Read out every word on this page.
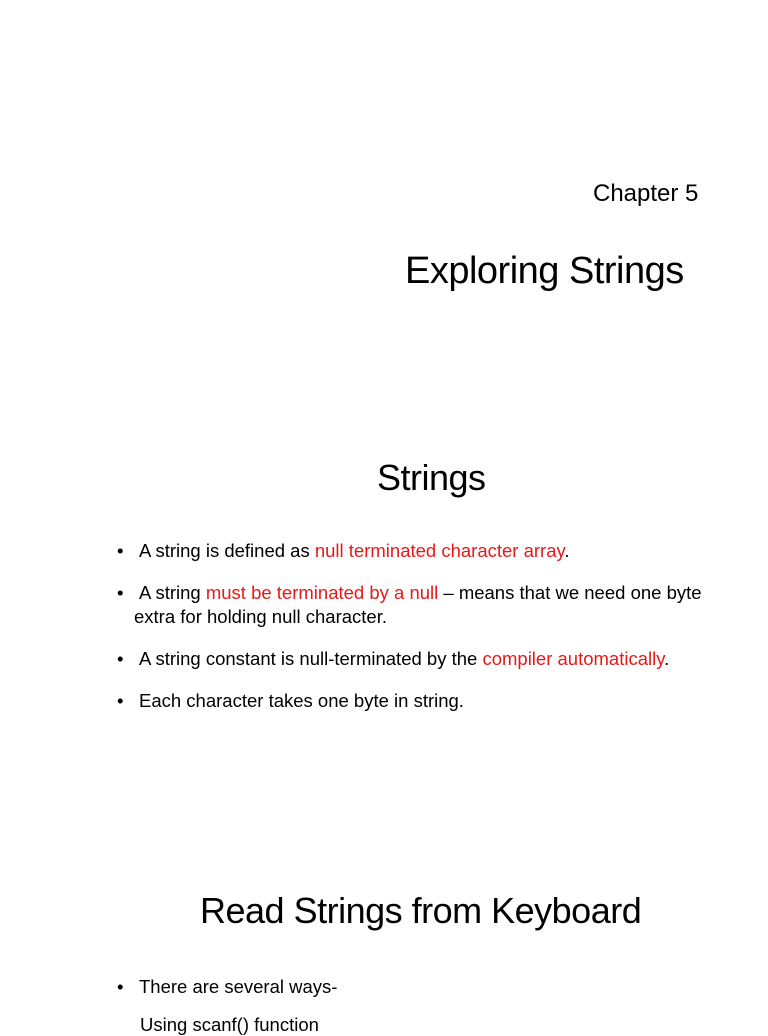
Chapter 5
Exploring Strings
Strings
• A string is defined as null terminated character array.
• A string must be terminated by a null – means that we need one byte extra for holding null character.
• A string constant is null-terminated by the compiler automatically.
• Each character takes one byte in string.
Read Strings from Keyboard
• There are several ways-
Using scanf() function
